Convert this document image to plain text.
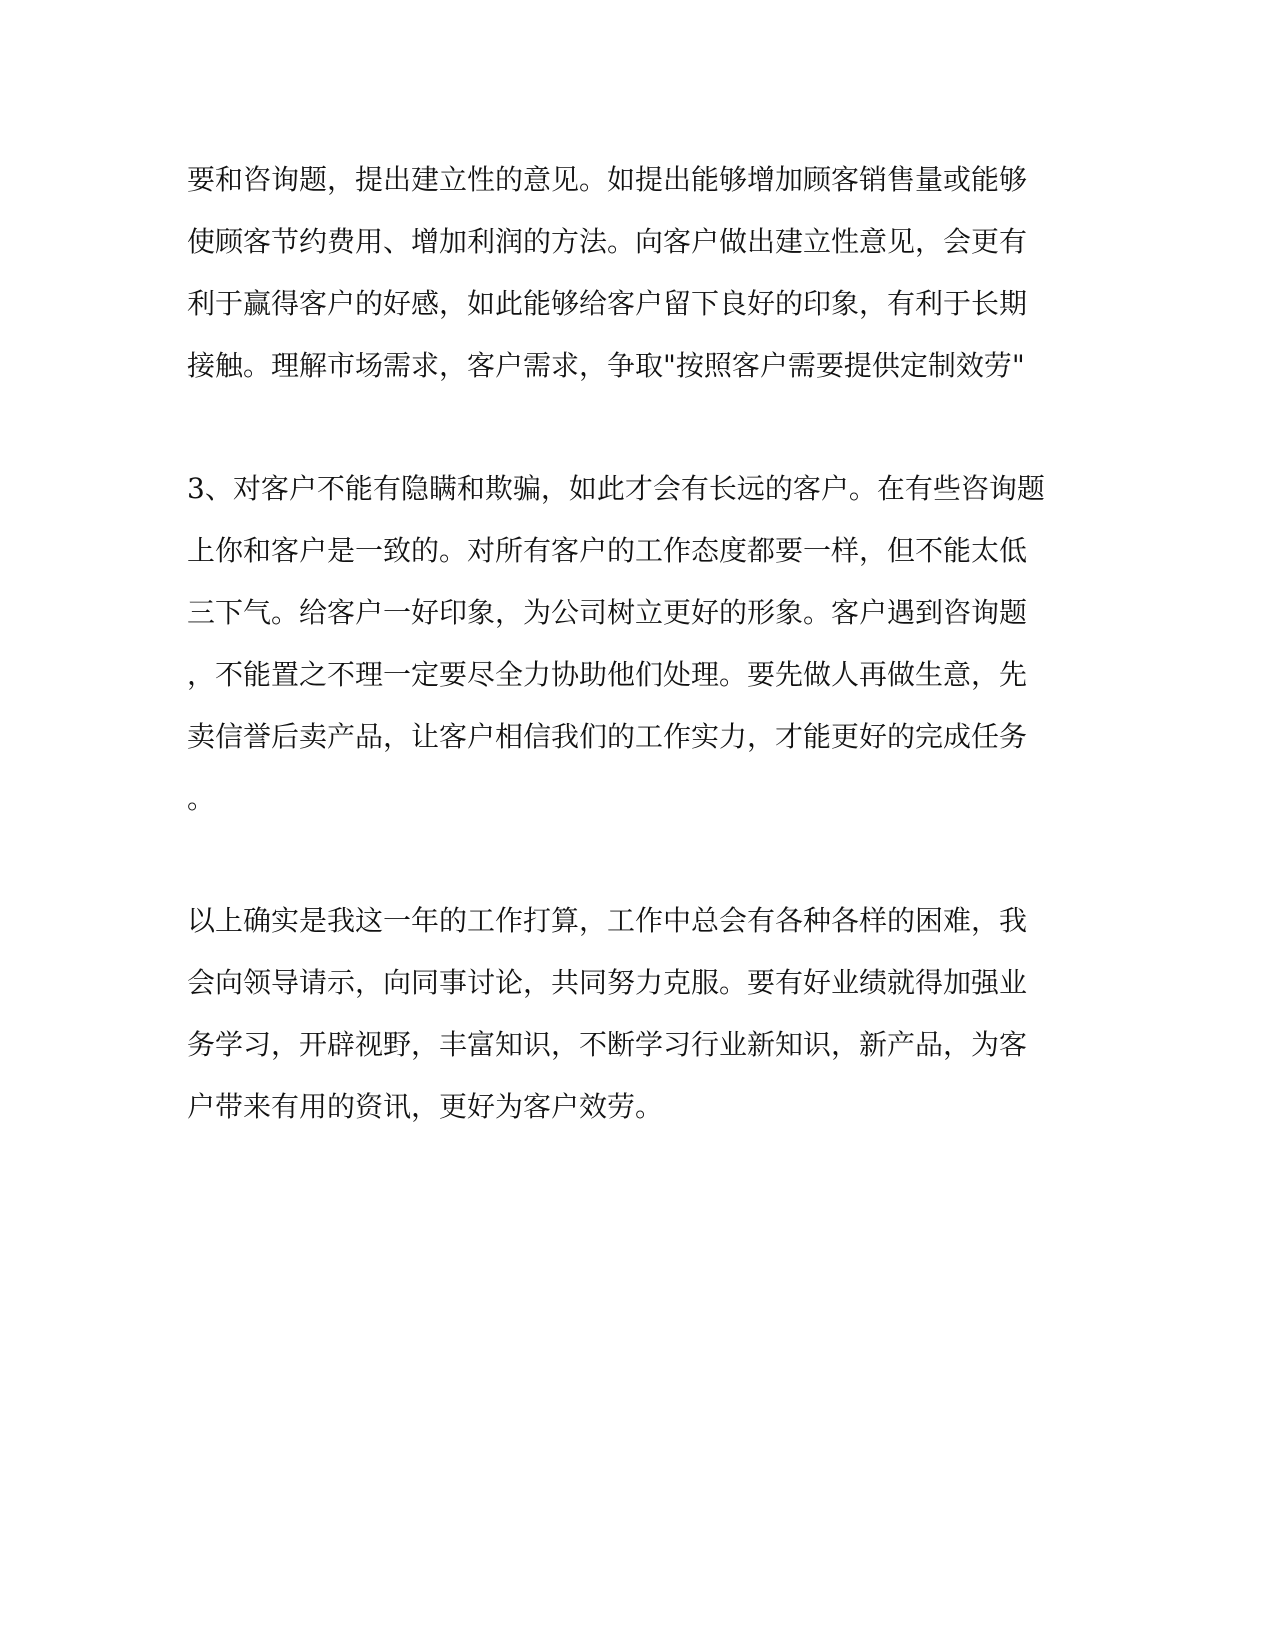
要和咨询题，提出建立性的意见。如提出能够增加顾客销售量或能够

使顾客节约费用、增加利润的方法。向客户做出建立性意见，会更有

利于赢得客户的好感，如此能够给客户留下良好的印象，有利于长期

接触。理解市场需求，客户需求，争取"按照客户需要提供定制效劳"

3、对客户不能有隐瞒和欺骗，如此才会有长远的客户。在有些咨询题

上你和客户是一致的。对所有客户的工作态度都要一样，但不能太低

三下气。给客户一好印象，为公司树立更好的形象。客户遇到咨询题

，不能置之不理一定要尽全力协助他们处理。要先做人再做生意，先

卖信誉后卖产品，让客户相信我们的工作实力，才能更好的完成任务

。

以上确实是我这一年的工作打算，工作中总会有各种各样的困难，我

会向领导请示，向同事讨论，共同努力克服。要有好业绩就得加强业

务学习，开辟视野，丰富知识，不断学习行业新知识，新产品，为客

户带来有用的资讯，更好为客户效劳。
